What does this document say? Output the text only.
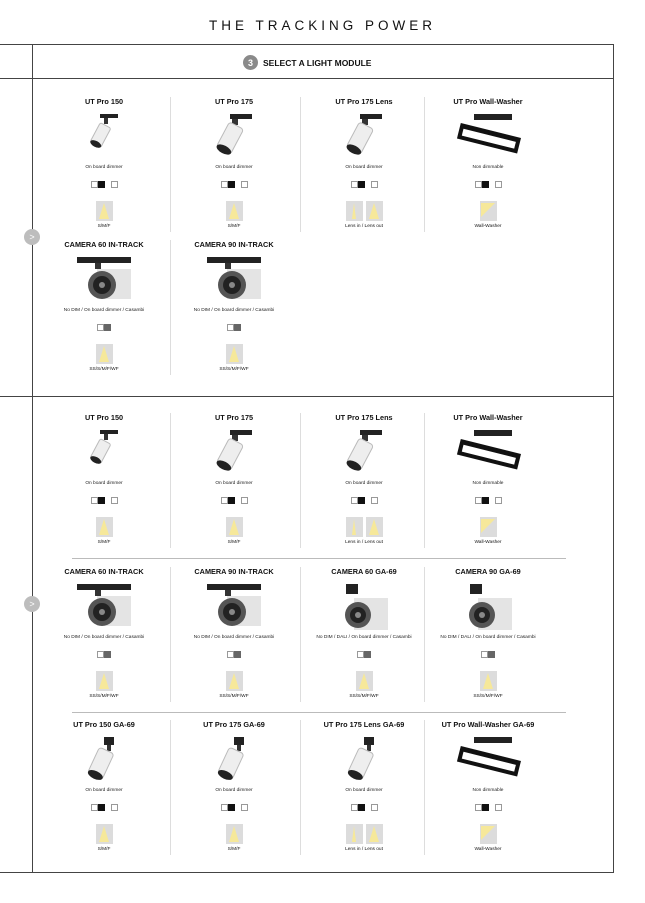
THE TRACKING POWER
3	SELECT A LIGHT MODULE
>
>
UT Pro 150
On board dimmer
S/M/F
UT Pro 175
On board dimmer
S/M/F
UT Pro 175 Lens
On board dimmer
Lens in / Lens out
UT Pro Wall-Washer
Non dimmable
Wall-Washer
CAMERA 60 IN-TRACK
No DIM / On board dimmer / Casambi
SS/S/M/F/WF
CAMERA 90 IN-TRACK
No DIM / On board dimmer / Casambi
SS/S/M/F/WF
UT Pro 150
On board dimmer
S/M/F
UT Pro 175
On board dimmer
S/M/F
UT Pro 175 Lens
On board dimmer
Lens in / Lens out
UT Pro Wall-Washer
Non dimmable
Wall-Washer
CAMERA 60 IN-TRACK
No DIM / On board dimmer / Casambi
SS/S/M/F/WF
CAMERA 90 IN-TRACK
No DIM / On board dimmer / Casambi
SS/S/M/F/WF
CAMERA 60 GA-69
No DIM / DALI / On board dimmer / Casambi
SS/S/M/F/WF
CAMERA 90 GA-69
No DIM / DALI / On board dimmer / Casambi
SS/S/M/F/WF
UT Pro 150 GA-69
On board dimmer
S/M/F
UT Pro 175 GA-69
On board dimmer
S/M/F
UT Pro 175 Lens GA-69
On board dimmer
Lens in / Lens out
UT Pro Wall-Washer GA-69
Non dimmable
Wall-Washer
